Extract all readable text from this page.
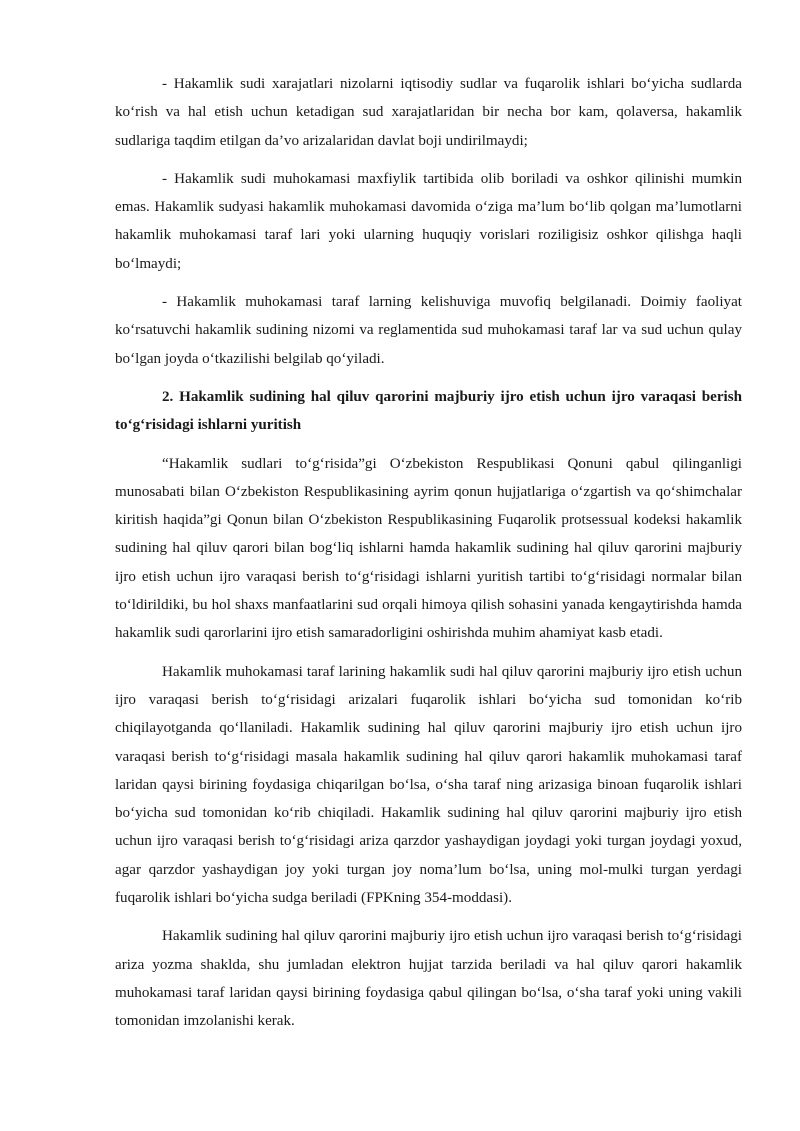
- Hakamlik sudi xarajatlari nizolarni iqtisodiy sudlar va fuqarolik ishlari bo‘yicha sudlarda ko‘rish va hal etish uchun ketadigan sud xarajatlaridan bir necha bor kam, qolaversa, hakamlik sudlariga taqdim etilgan da’vo arizalaridan davlat boji undirilmaydi;

- Hakamlik sudi muhokamasi maxfiylik tartibida olib boriladi va oshkor qilinishi mumkin emas. Hakamlik sudyasi hakamlik muhokamasi davomida o‘ziga ma’lum bo‘lib qolgan ma’lumotlarni hakamlik muhokamasi taraf lari yoki ularning huquqiy vorislari roziligisiz oshkor qilishga haqli bo‘lmaydi;

- Hakamlik muhokamasi taraf larning kelishuviga muvofiq belgilanadi. Doimiy faoliyat ko‘rsatuvchi hakamlik sudining nizomi va reglamentida sud muhokamasi taraf lar va sud uchun qulay bo‘lgan joyda o‘tkazilishi belgilab qo‘yiladi.

2. Hakamlik sudining hal qiluv qarorini majburiy ijro etish uchun ijro varaqasi berish to‘g‘risidagi ishlarni yuritish

“Hakamlik sudlari to‘g‘risida”gi O‘zbekiston Respublikasi Qonuni qabul qilinganligi munosabati bilan O‘zbekiston Respublikasining ayrim qonun hujjatlariga o‘zgartish va qo‘shimchalar kiritish haqida”gi Qonun bilan O‘zbekiston Respublikasining Fuqarolik protsessual kodeksi hakamlik sudining hal qiluv qarori bilan bog‘liq ishlarni hamda hakamlik sudining hal qiluv qarorini majburiy ijro etish uchun ijro varaqasi berish to‘g‘risidagi ishlarni yuritish tartibi to‘g‘risidagi normalar bilan to‘ldirildiki, bu hol shaxs manfaatlarini sud orqali himoya qilish sohasini yanada kengaytirishda hamda hakamlik sudi qarorlarini ijro etish samaradorligini oshirishda muhim ahamiyat kasb etadi.

Hakamlik muhokamasi taraf larining hakamlik sudi hal qiluv qarorini majburiy ijro etish uchun ijro varaqasi berish to‘g‘risidagi arizalari fuqarolik ishlari bo‘yicha sud tomonidan ko‘rib chiqilayotganda qo‘llaniladi. Hakamlik sudining hal qiluv qarorini majburiy ijro etish uchun ijro varaqasi berish to‘g‘risidagi masala hakamlik sudining hal qiluv qarori hakamlik muhokamasi taraf laridan qaysi birining foydasiga chiqarilgan bo‘lsa, o‘sha taraf ning arizasiga binoan fuqarolik ishlari bo‘yicha sud tomonidan ko‘rib chiqiladi. Hakamlik sudining hal qiluv qarorini majburiy ijro etish uchun ijro varaqasi berish to‘g‘risidagi ariza qarzdor yashaydigan joydagi yoki turgan joydagi yoxud, agar qarzdor yashaydigan joy yoki turgan joy noma’lum bo‘lsa, uning mol-mulki turgan yerdagi fuqarolik ishlari bo‘yicha sudga beriladi (FPKning 354-moddasi).

Hakamlik sudining hal qiluv qarorini majburiy ijro etish uchun ijro varaqasi berish to‘g‘risidagi ariza yozma shaklda, shu jumladan elektron hujjat tarzida beriladi va hal qiluv qarori hakamlik muhokamasi taraf laridan qaysi birining foydasiga qabul qilingan bo‘lsa, o‘sha taraf yoki uning vakili tomonidan imzolanishi kerak.
